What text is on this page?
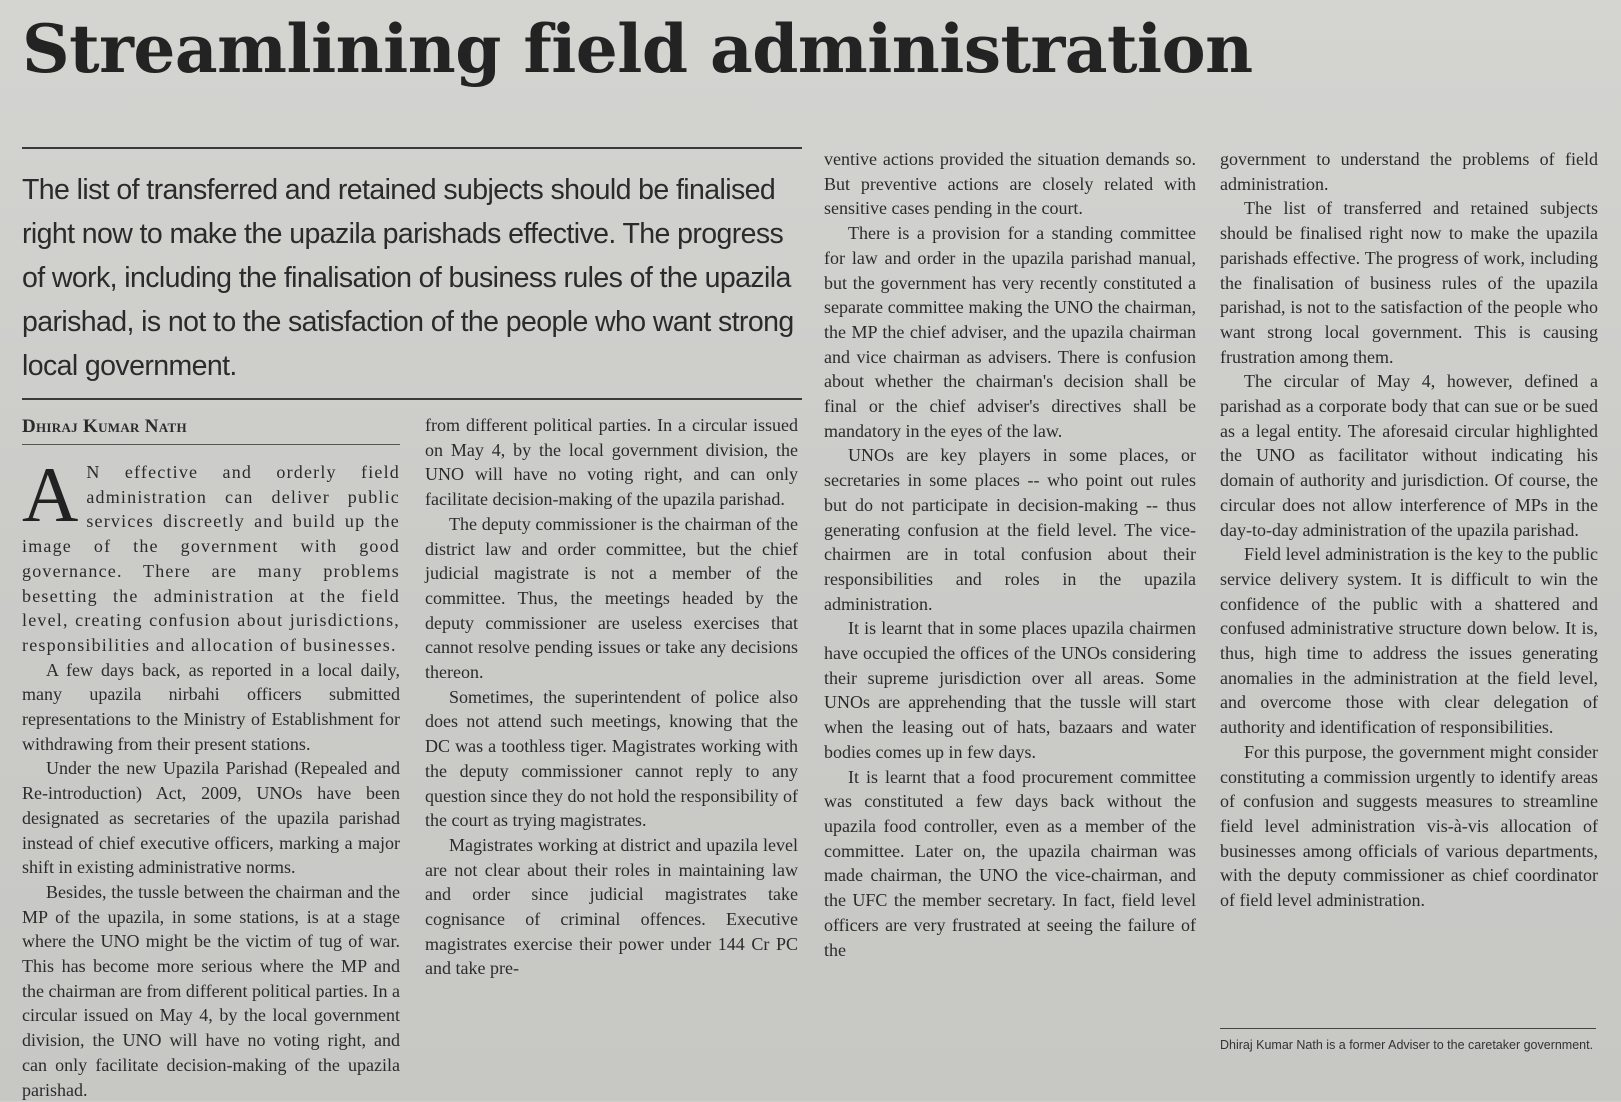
Streamlining field administration

The list of transferred and retained subjects should be finalised right now to make the upazila parishads effective. The progress of work, including the finalisation of business rules of the upazila parishad, is not to the satisfaction of the people who want strong local government.

Dhiraj Kumar Nath

A N effective and orderly field administration can deliver public services discreetly and build up the image of the government with good governance. There are many problems besetting the administration at the field level, creating confusion about jurisdictions, responsibilities and allocation of businesses.

A few days back, as reported in a local daily, many upazila nirbahi officers submitted representations to the Ministry of Establishment for withdrawing from their present stations.

Under the new Upazila Parishad (Repealed and Re-introduction) Act, 2009, UNOs have been designated as secretaries of the upazila parishad instead of chief executive officers, marking a major shift in existing administrative norms.

Besides, the tussle between the chairman and the MP of the upazila, in some stations, is at a stage where the UNO might be the victim of tug of war. This has become more serious where the MP and the chairman are from different political parties. In a circular issued on May 4, by the local government division, the UNO will have no voting right, and can only facilitate decision-making of the upazila parishad.

from different political parties. In a circular issued on May 4, by the local government division, the UNO will have no voting right, and can only facilitate decision-making of the upazila parishad.

The deputy commissioner is the chairman of the district law and order committee, but the chief judicial magistrate is not a member of the committee. Thus, the meetings headed by the deputy commissioner are useless exercises that cannot resolve pending issues or take any decisions thereon.

Sometimes, the superintendent of police also does not attend such meetings, knowing that the DC was a toothless tiger. Magistrates working with the deputy commissioner cannot reply to any question since they do not hold the responsibility of the court as trying magistrates.

Magistrates working at district and upazila level are not clear about their roles in maintaining law and order since judicial magistrates take cognisance of criminal offences. Executive magistrates exercise their power under 144 Cr PC and take pre-

ventive actions provided the situation demands so. But preventive actions are closely related with sensitive cases pending in the court.

There is a provision for a standing committee for law and order in the upazila parishad manual, but the government has very recently constituted a separate committee making the UNO the chairman, the MP the chief adviser, and the upazila chairman and vice chairman as advisers. There is confusion about whether the chairman's decision shall be final or the chief adviser's directives shall be mandatory in the eyes of the law.

UNOs are key players in some places, or secretaries in some places -- who point out rules but do not participate in decision-making -- thus generating confusion at the field level. The vice-chairmen are in total confusion about their responsibilities and roles in the upazila administration.

It is learnt that in some places upazila chairmen have occupied the offices of the UNOs considering their supreme jurisdiction over all areas. Some UNOs are apprehending that the tussle will start when the leasing out of hats, bazaars and water bodies comes up in few days.

It is learnt that a food procurement committee was constituted a few days back without the upazila food controller, even as a member of the committee. Later on, the upazila chairman was made chairman, the UNO the vice-chairman, and the UFC the member secretary. In fact, field level officers are very frustrated at seeing the failure of the

government to understand the problems of field administration.

The list of transferred and retained subjects should be finalised right now to make the upazila parishads effective. The progress of work, including the finalisation of business rules of the upazila parishad, is not to the satisfaction of the people who want strong local government. This is causing frustration among them.

The circular of May 4, however, defined a parishad as a corporate body that can sue or be sued as a legal entity. The aforesaid circular highlighted the UNO as facilitator without indicating his domain of authority and jurisdiction. Of course, the circular does not allow interference of MPs in the day-to-day administration of the upazila parishad.

Field level administration is the key to the public service delivery system. It is difficult to win the confidence of the public with a shattered and confused administrative structure down below. It is, thus, high time to address the issues generating anomalies in the administration at the field level, and overcome those with clear delegation of authority and identification of responsibilities.

For this purpose, the government might consider constituting a commission urgently to identify areas of confusion and suggests measures to streamline field level administration vis-à-vis allocation of businesses among officials of various departments, with the deputy commissioner as chief coordinator of field level administration.

Dhiraj Kumar Nath is a former Adviser to the caretaker government.
